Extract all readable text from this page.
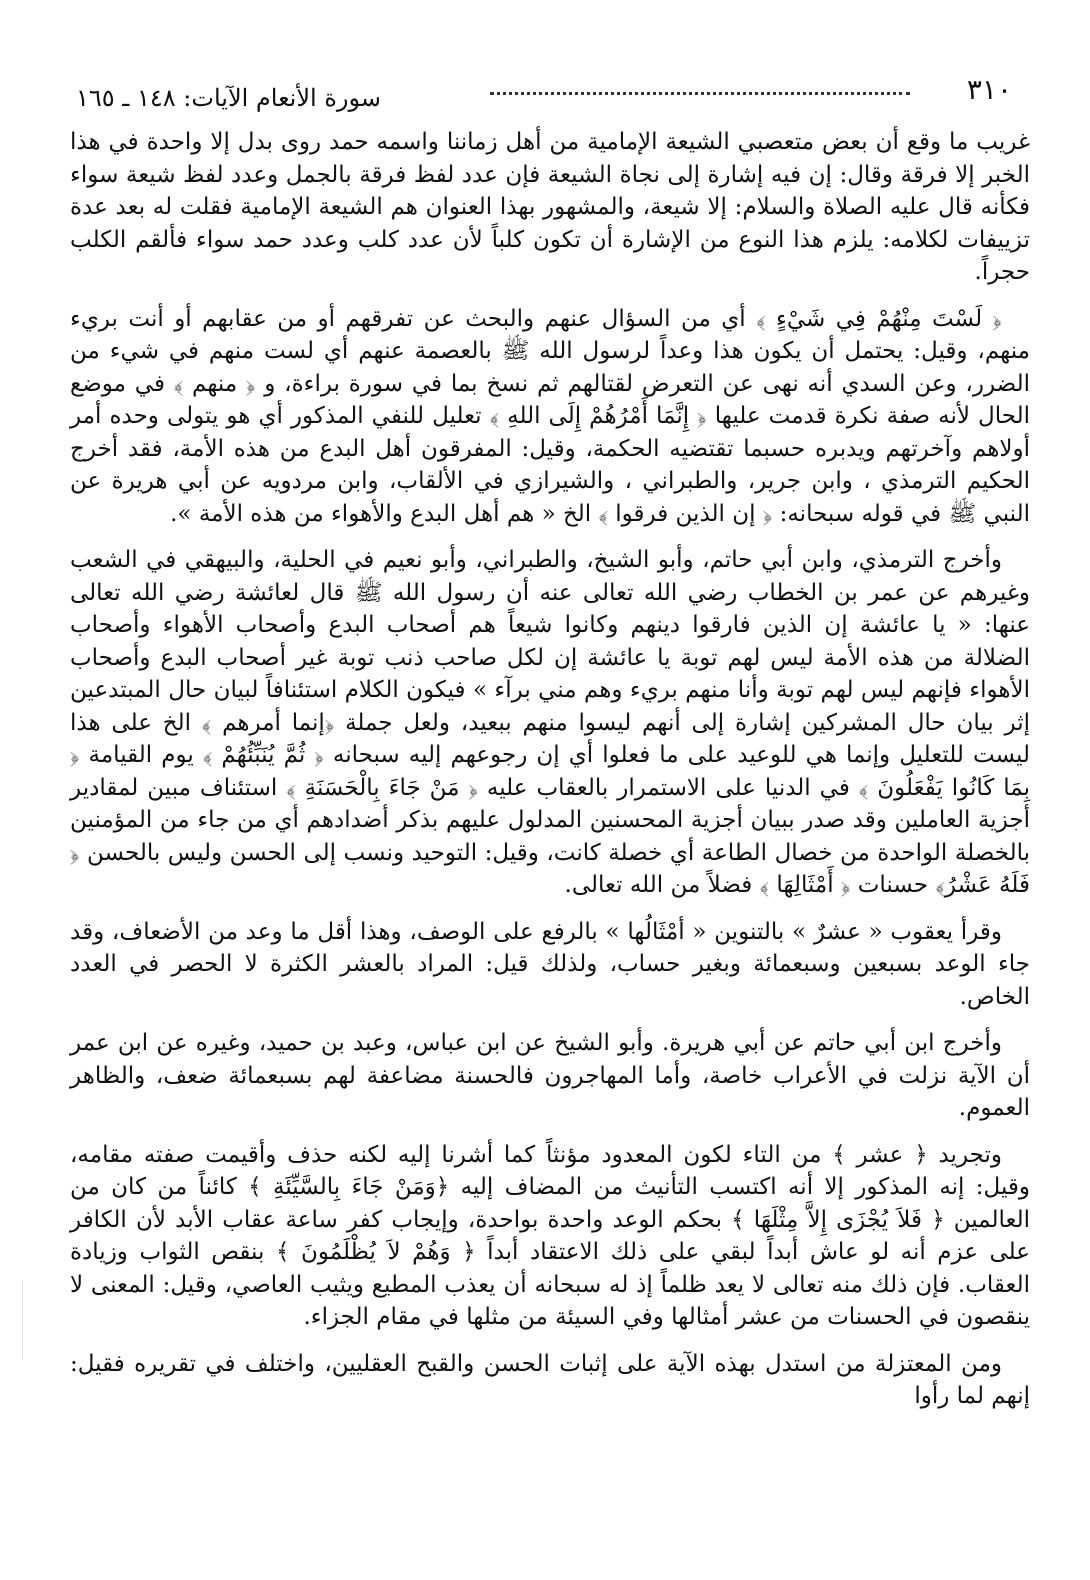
٣١٠
سورة الأنعام الآيات: ١٤٨ ـ ١٦٥

غريب ما وقع أن بعض متعصبي الشيعة الإمامية من أهل زماننا واسمه حمد روى بدل إلا واحدة في هذا الخبر إلا فرقة وقال: إن فيه إشارة إلى نجاة الشيعة فإن عدد لفظ فرقة بالجمل وعدد لفظ شيعة سواء فكأنه قال عليه الصلاة والسلام: إلا شيعة، والمشهور بهذا العنوان هم الشيعة الإمامية فقلت له بعد عدة تزييفات لكلامه: يلزم هذا النوع من الإشارة أن تكون كلباً لأن عدد كلب وعدد حمد سواء فألقم الكلب حجراً.

﴿ لَسْتَ مِنْهُمْ فِي شَيْءٍ ﴾ أي من السؤال عنهم والبحث عن تفرقهم أو من عقابهم أو أنت بريء منهم، وقيل: يحتمل أن يكون هذا وعداً لرسول الله ﷺ بالعصمة عنهم أي لست منهم في شيء من الضرر، وعن السدي أنه نهى عن التعرض لقتالهم ثم نسخ بما في سورة براءة، و ﴿ منهم ﴾ في موضع الحال لأنه صفة نكرة قدمت عليها ﴿ إِنَّمَا أَمْرُهُمْ إِلَى اللهِ ﴾ تعليل للنفي المذكور أي هو يتولى وحده أمر أولاهم وآخرتهم ويدبره حسبما تقتضيه الحكمة، وقيل: المفرقون أهل البدع من هذه الأمة، فقد أخرج الحكيم الترمذي ، وابن جرير، والطبراني ، والشيرازي في الألقاب، وابن مردويه عن أبي هريرة عن النبي ﷺ في قوله سبحانه: ﴿ إن الذين فرقوا ﴾ الخ « هم أهل البدع والأهواء من هذه الأمة ».

وأخرج الترمذي، وابن أبي حاتم، وأبو الشيخ، والطبراني، وأبو نعيم في الحلية، والبيهقي في الشعب وغيرهم عن عمر بن الخطاب رضي الله تعالى عنه أن رسول الله ﷺ قال لعائشة رضي الله تعالى عنها: « يا عائشة إن الذين فارقوا دينهم وكانوا شيعاً هم أصحاب البدع وأصحاب الأهواء وأصحاب الضلالة من هذه الأمة ليس لهم توبة يا عائشة إن لكل صاحب ذنب توبة غير أصحاب البدع وأصحاب الأهواء فإنهم ليس لهم توبة وأنا منهم بريء وهم مني برآء » فيكون الكلام استئنافاً لبيان حال المبتدعين إثر بيان حال المشركين إشارة إلى أنهم ليسوا منهم ببعيد، ولعل جملة ﴿إنما أمرهم ﴾ الخ على هذا ليست للتعليل وإنما هي للوعيد على ما فعلوا أي إن رجوعهم إليه سبحانه ﴿ ثُمَّ يُنَبِّئُهُمْ ﴾ يوم القيامة ﴿ بِمَا كَانُوا يَفْعَلُونَ ﴾ في الدنيا على الاستمرار بالعقاب عليه ﴿ مَنْ جَاءَ بِالْحَسَنَةِ ﴾ استئناف مبين لمقادير أجزية العاملين وقد صدر ببيان أجزية المحسنين المدلول عليهم بذكر أضدادهم أي من جاء من المؤمنين بالخصلة الواحدة من خصال الطاعة أي خصلة كانت، وقيل: التوحيد ونسب إلى الحسن وليس بالحسن ﴿ فَلَهُ عَشْرُ﴾ حسنات ﴿ أَمْثَالِهَا ﴾ فضلاً من الله تعالى.

وقرأ يعقوب « عشرٌ » بالتنوين « أمْثَالُها » بالرفع على الوصف، وهذا أقل ما وعد من الأضعاف، وقد جاء الوعد بسبعين وسبعمائة وبغير حساب، ولذلك قيل: المراد بالعشر الكثرة لا الحصر في العدد الخاص.

وأخرج ابن أبي حاتم عن أبي هريرة. وأبو الشيخ عن ابن عباس، وعبد بن حميد، وغيره عن ابن عمر أن الآية نزلت في الأعراب خاصة، وأما المهاجرون فالحسنة مضاعفة لهم بسبعمائة ضعف، والظاهر العموم.

وتجريد ﴿ عشر ﴾ من التاء لكون المعدود مؤنثاً كما أشرنا إليه لكنه حذف وأقيمت صفته مقامه، وقيل: إنه المذكور إلا أنه اكتسب التأنيث من المضاف إليه ﴿وَمَنْ جَاءَ بِالسَّيِّئَةِ ﴾ كائناً من كان من العالمين ﴿ فَلاَ يُجْزَى إِلاَّ مِثْلَهَا ﴾ بحكم الوعد واحدة بواحدة، وإيجاب كفر ساعة عقاب الأبد لأن الكافر على عزم أنه لو عاش أبداً لبقي على ذلك الاعتقاد أبداً ﴿ وَهُمْ لاَ يُظْلَمُونَ ﴾ بنقص الثواب وزيادة العقاب. فإن ذلك منه تعالى لا يعد ظلماً إذ له سبحانه أن يعذب المطيع ويثيب العاصي، وقيل: المعنى لا ينقصون في الحسنات من عشر أمثالها وفي السيئة من مثلها في مقام الجزاء.

ومن المعتزلة من استدل بهذه الآية على إثبات الحسن والقبح العقليين، واختلف في تقريره فقيل: إنهم لما رأوا
